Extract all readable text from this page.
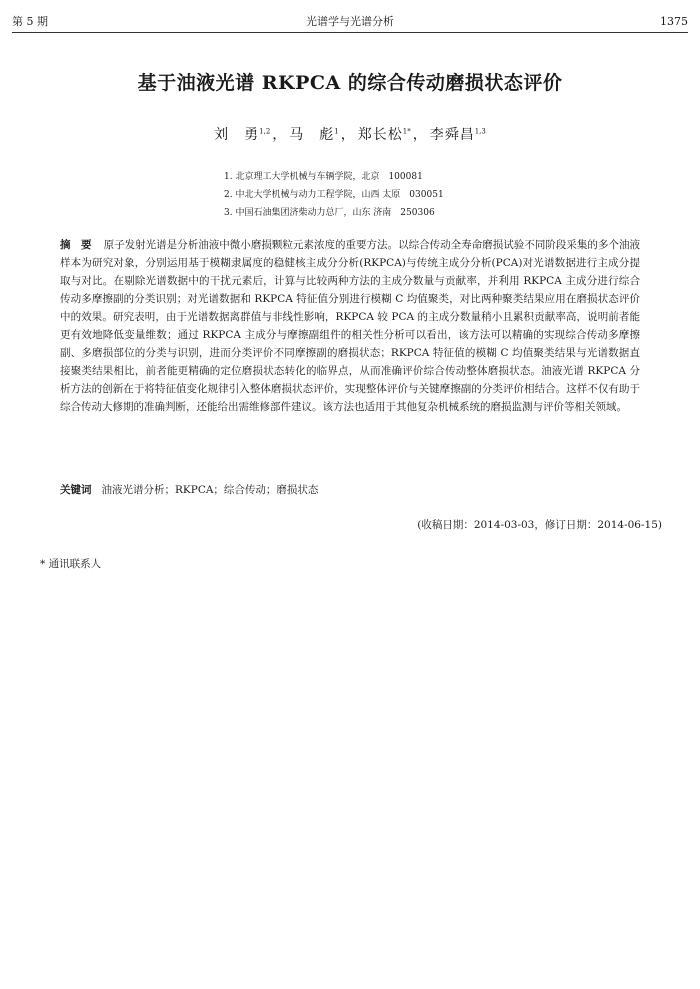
第 5 期	光谱学与光谱分析	1375
基于油液光谱 RKPCA 的综合传动磨损状态评价
刘　勇$^{1,2}$ ， 马　彪$^1$ ， 郑长松$^{1*}$ ， 李舜昌$^{1,3}$
1. 北京理工大学机械与车辆学院，北京　100081
2. 中北大学机械与动力工程学院，山西 太原　030051
3. 中国石油集团济柴动力总厂，山东 济南　250306
摘　要 原子发射光谱是分析油液中微小磨损颗粒元素浓度的重要方法。以综合传动全寿命磨损试验不同阶段采集的多个油液样本为研究对象，分别运用基于模糊隶属度的稳健核主成分分析(RKPCA)与传统主成分分析(PCA)对光谱数据进行主成分提取与对比。在剔除光谱数据中的干扰元素后，计算与比较两种方法的主成分数量与贡献率，并利用 RKPCA 主成分进行综合传动多摩擦副的分类识别；对光谱数据和 RKPCA 特征值分别进行模糊 C 均值聚类，对比两种聚类结果应用在磨损状态评价中的效果。研究表明，由于光谱数据离群值与非线性影响，RKPCA 较 PCA 的主成分数量稍小且累积贡献率高，说明前者能更有效地降低变量维数；通过 RKPCA 主成分与摩擦副组件的相关性分析可以看出，该方法可以精确的实现综合传动多摩擦副、多磨损部位的分类与识别，进而分类评价不同摩擦副的磨损状态；RKPCA 特征值的模糊 C 均值聚类结果与光谱数据直接聚类结果相比，前者能更精确的定位磨损状态转化的临界点，从而准确评价综合传动整体磨损状态。油液光谱 RKPCA 分析方法的创新在于将特征值变化规律引入整体磨损状态评价，实现整体评价与关键摩擦副的分类评价相结合。这样不仅有助于综合传动大修期的准确判断，还能给出需维修部件建议。该方法也适用于其他复杂机械系统的磨损监测与评价等相关领域。
关键词 油液光谱分析；RKPCA；综合传动；磨损状态
(收稿日期：2014-03-03，修订日期：2014-06-15)
* 通讯联系人
